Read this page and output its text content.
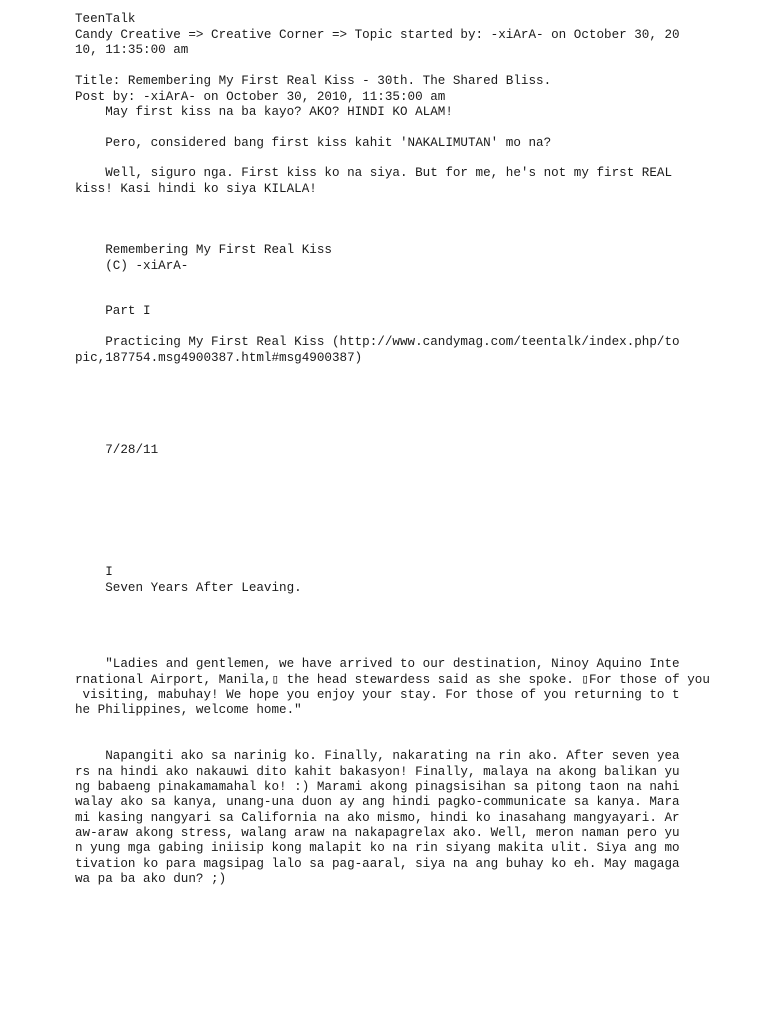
TeenTalk

Candy Creative => Creative Corner => Topic started by: -xiArA- on October 30, 20

10, 11:35:00 am

Title: Remembering My First Real Kiss - 30th. The Shared Bliss.

Post by: -xiArA- on October 30, 2010, 11:35:00 am

May first kiss na ba kayo? AKO? HINDI KO ALAM!

Pero, considered bang first kiss kahit 'NAKALIMUTAN' mo na?

Well, siguro nga. First kiss ko na siya. But for me, he's not my first REAL

kiss! Kasi hindi ko siya KILALA!

Remembering My First Real Kiss

(C) -xiArA-

Part I

Practicing My First Real Kiss (http://www.candymag.com/teentalk/index.php/to

pic,187754.msg4900387.html#msg4900387)

7/28/11

I

Seven Years After Leaving.

"Ladies and gentlemen, we have arrived to our destination, Ninoy Aquino Inte

rnational Airport, Manila,▯ the head stewardess said as she spoke. ▯For those of you

visiting, mabuhay! We hope you enjoy your stay. For those of you returning to t

he Philippines, welcome home."

Napangiti ako sa narinig ko. Finally, nakarating na rin ako. After seven yea

rs na hindi ako nakauwi dito kahit bakasyon! Finally, malaya na akong balikan yu

ng babaeng pinakamamahal ko! :) Marami akong pinagsisihan sa pitong taon na nahi

walay ako sa kanya, unang-una duon ay ang hindi pagko-communicate sa kanya. Mara

mi kasing nangyari sa California na ako mismo, hindi ko inasahang mangyayari. Ar

aw-araw akong stress, walang araw na nakapagrelax ako. Well, meron naman pero yu

n yung mga gabing iniisip kong malapit ko na rin siyang makita ulit. Siya ang mo

tivation ko para magsipag lalo sa pag-aaral, siya na ang buhay ko eh. May magaga

wa pa ba ako dun? ;)
